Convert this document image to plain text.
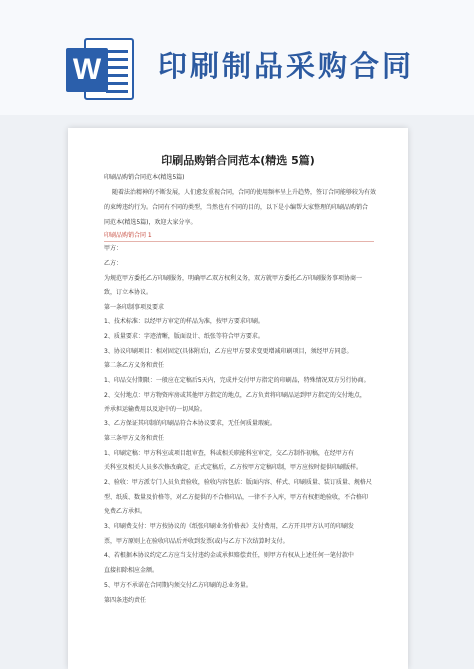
W 印刷制品采购合同
印刷品购销合同范本(精选 5篇)
印刷品购销合同范本(精选5篇)
随着法治精神的不断发展，人们愈发重视合同，合同的使用频率呈上升趋势，签订合同能够较为有效
的束缚违约行为。合同有不同的类型，当然也有不同的目的，以下是小编帮大家整理的印刷品购销合
同范本(精选5篇)，欢迎大家分享。
印刷品购销合同 1
甲方：
乙方：
为规范甲方委托乙方印刷服务，明确甲乙双方权利义务，双方就甲方委托乙方印刷服务事项协商一
致，订立本协议。
第一条印制事项及要求
1、技术标准：以经甲方审定的样品为准，按甲方要求印刷。
2、质量要求：字迹清晰，版面设计、纸张等符合甲方要求。
3、协议印刷项目：相对固定(具体附后)，乙方应甲方要求变更增减印刷项目，须经甲方同意。
第二条乙方义务和责任
1、印品交付期限：一般应在定稿后5天内，完成并交付甲方指定的印刷品，特殊情况双方另行协商。
2、交付地点：甲方物资库房或其他甲方指定的地点，乙方负责将印刷品运到甲方指定的交付地点，
并承担运输费用以及途中的一切风险。
3、乙方保证其印制的印刷品符合本协议要求，无任何质量瑕疵。
第三条甲方义务和责任
1、印刷定稿：甲方科室或项目组审查，科或相关职能科室审定，交乙方制作初稿，在经甲方有
关科室及相关人员多次修改确定，正式定稿后，乙方按甲方定稿印制，甲方应按时提供印刷版样。
2、验收：甲方派专门人员负责验收，验收内容包括：版面内容、样式、印刷质量、装订质量、规格尺
型、纸质、数量及价格等，对乙方提供的不合格印品，一律不予入库，甲方有权拒绝验收，不合格印
免费乙方承担。
3、印刷费支付：甲方按协议的《纸张印刷业务价格表》支付费用，乙方开具甲方认可的印刷发
票，甲方原则上在验收印品后并收到发票(或)与乙方下次结算时支付。
4、若根据本协议约定乙方应当支付违约金或承担赔偿责任，则甲方有权从上述任何一笔付款中
直接扣除相应金额。
5、甲方不承诺在合同期内须交付乙方印刷的总业务量。
第四条违约责任
